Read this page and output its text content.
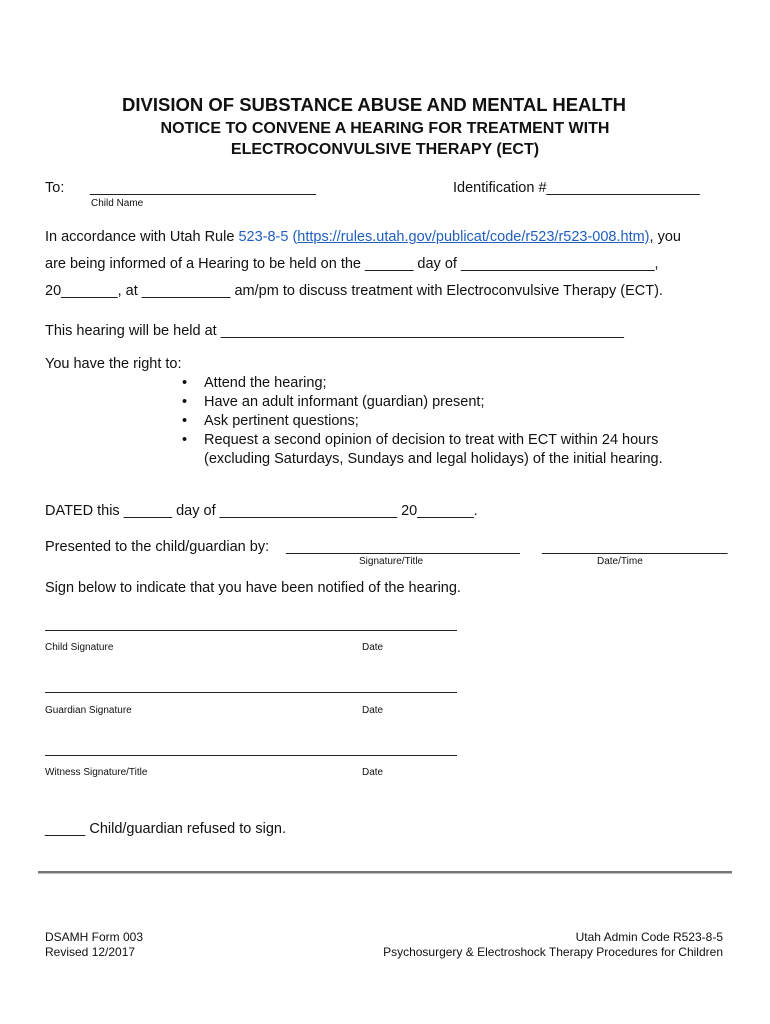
DIVISION OF SUBSTANCE ABUSE AND MENTAL HEALTH
NOTICE TO CONVENE A HEARING FOR TREATMENT WITH
ELECTROCONVULSIVE THERAPY (ECT)
To: ____________________________
Child Name
Identification #___________________
In accordance with Utah Rule 523-8-5 (https://rules.utah.gov/publicat/code/r523/r523-008.htm), you
are being informed of a Hearing to be held on the ______ day of ________________________,
20_______, at ___________ am/pm to discuss treatment with Electroconvulsive Therapy (ECT).
This hearing will be held at __________________________________________________
You have the right to:
• Attend the hearing;
• Have an adult informant (guardian) present;
• Ask pertinent questions;
• Request a second opinion of decision to treat with ECT within 24 hours
(excluding Saturdays, Sundays and legal holidays) of the initial hearing.
DATED this ______ day of ______________________ 20_______.
Presented to the child/guardian by: _____________________________
Signature/Title
_______________________
Date/Time
Sign below to indicate that you have been notified of the hearing.
Child Signature	Date
Guardian Signature	Date
Witness Signature/Title	Date
_____ Child/guardian refused to sign.
DSAMH Form 003
Revised 12/2017
Utah Admin Code R523-8-5
Psychosurgery & Electroshock Therapy Procedures for Children
